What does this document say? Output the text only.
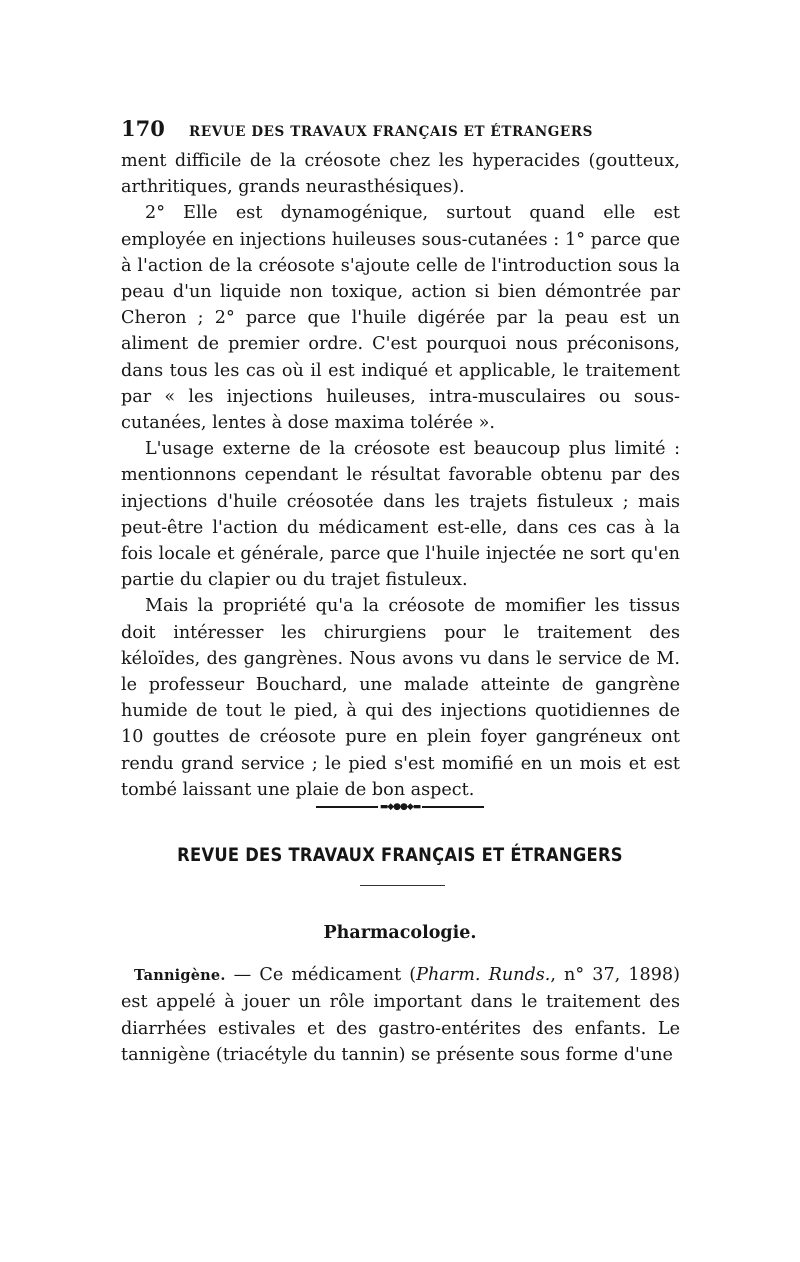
170	REVUE DES TRAVAUX FRANÇAIS ET ÉTRANGERS

ment difficile de la créosote chez les hyperacides (goutteux, arthritiques, grands neurasthésiques).

2° Elle est dynamogénique, surtout quand elle est employée en injections huileuses sous-cutanées : 1° parce que à l'action de la créosote s'ajoute celle de l'introduction sous la peau d'un liquide non toxique, action si bien démontrée par Cheron ; 2° parce que l'huile digérée par la peau est un aliment de premier ordre. C'est pourquoi nous préconisons, dans tous les cas où il est indiqué et applicable, le traitement par « les injections huileuses, intra-musculaires ou sous-cutanées, lentes à dose maxima tolérée ».

L'usage externe de la créosote est beaucoup plus limité : mentionnons cependant le résultat favorable obtenu par des injections d'huile créosotée dans les trajets fistuleux ; mais peut-être l'action du médicament est-elle, dans ces cas à la fois locale et générale, parce que l'huile injectée ne sort qu'en partie du clapier ou du trajet fistuleux.

Mais la propriété qu'a la créosote de momifier les tissus doit intéresser les chirurgiens pour le traitement des kéloïdes, des gangrènes. Nous avons vu dans le service de M. le professeur Bouchard, une malade atteinte de gangrène humide de tout le pied, à qui des injections quotidiennes de 10 gouttes de créosote pure en plein foyer gangréneux ont rendu grand service ; le pied s'est momifié en un mois et est tombé laissant une plaie de bon aspect.

▬◆●●◆▬
REVUE DES TRAVAUX FRANÇAIS ET ÉTRANGERS
Pharmacologie.

Tannigène. — Ce médicament (Pharm. Runds., n° 37, 1898) est appelé à jouer un rôle important dans le traitement des diarrhées estivales et des gastro-entérites des enfants. Le tannigène (triacétyle du tannin) se présente sous forme d'une
